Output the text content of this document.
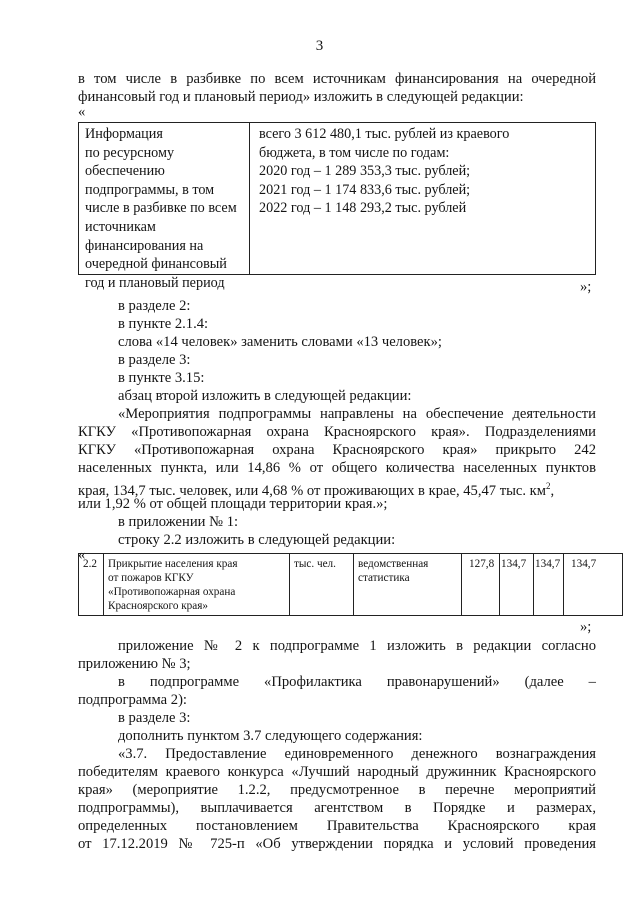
3
в том числе в разбивке по всем источникам финансирования на очередной
финансовый год и плановый период» изложить в следующей редакции:
«
Информация
по ресурсному
обеспечению
подпрограммы, в том
числе в разбивке по всем
источникам
финансирования на
очередной финансовый
год и плановый период
всего 3 612 480,1 тыс. рублей из краевого
бюджета, в том числе по годам:
2020 год – 1 289 353,3 тыс. рублей;
2021 год – 1 174 833,6 тыс. рублей;
2022 год – 1 148 293,2 тыс. рублей
»;
в разделе 2:
в пункте 2.1.4:
слова «14 человек» заменить словами «13 человек»;
в разделе 3:
в пункте 3.15:
абзац второй изложить в следующей редакции:
«Мероприятия подпрограммы направлены на обеспечение деятельности
КГКУ «Противопожарная охрана Красноярского края». Подразделениями
КГКУ «Противопожарная охрана Красноярского края» прикрыто 242
населенных пункта, или 14,86 % от общего количества населенных пунктов
края, 134,7 тыс. человек, или 4,68 % от проживающих в крае, 45,47 тыс. $км^2$,
или 1,92 % от общей площади территории края.»;
в приложении № 1:
строку 2.2 изложить в следующей редакции:
«
2.2 Прикрытие населения края
от пожаров КГКУ
«Противопожарная охрана
Красноярского края»
тыс. чел. ведомственная
статистика
127,8 134,7 134,7 134,7
»;
приложение № 2 к подпрограмме 1 изложить в редакции согласно
приложению № 3;
в подпрограмме «Профилактика правонарушений» (далее –
подпрограмма 2):
в разделе 3:
дополнить пунктом 3.7 следующего содержания:
«3.7. Предоставление единовременного денежного вознаграждения
победителям краевого конкурса «Лучший народный дружинник Красноярского
края» (мероприятие 1.2.2, предусмотренное в перечне мероприятий
подпрограммы), выплачивается агентством в Порядке и размерах,
определенных постановлением Правительства Красноярского края
от 17.12.2019 № 725-п «Об утверждении порядка и условий проведения
